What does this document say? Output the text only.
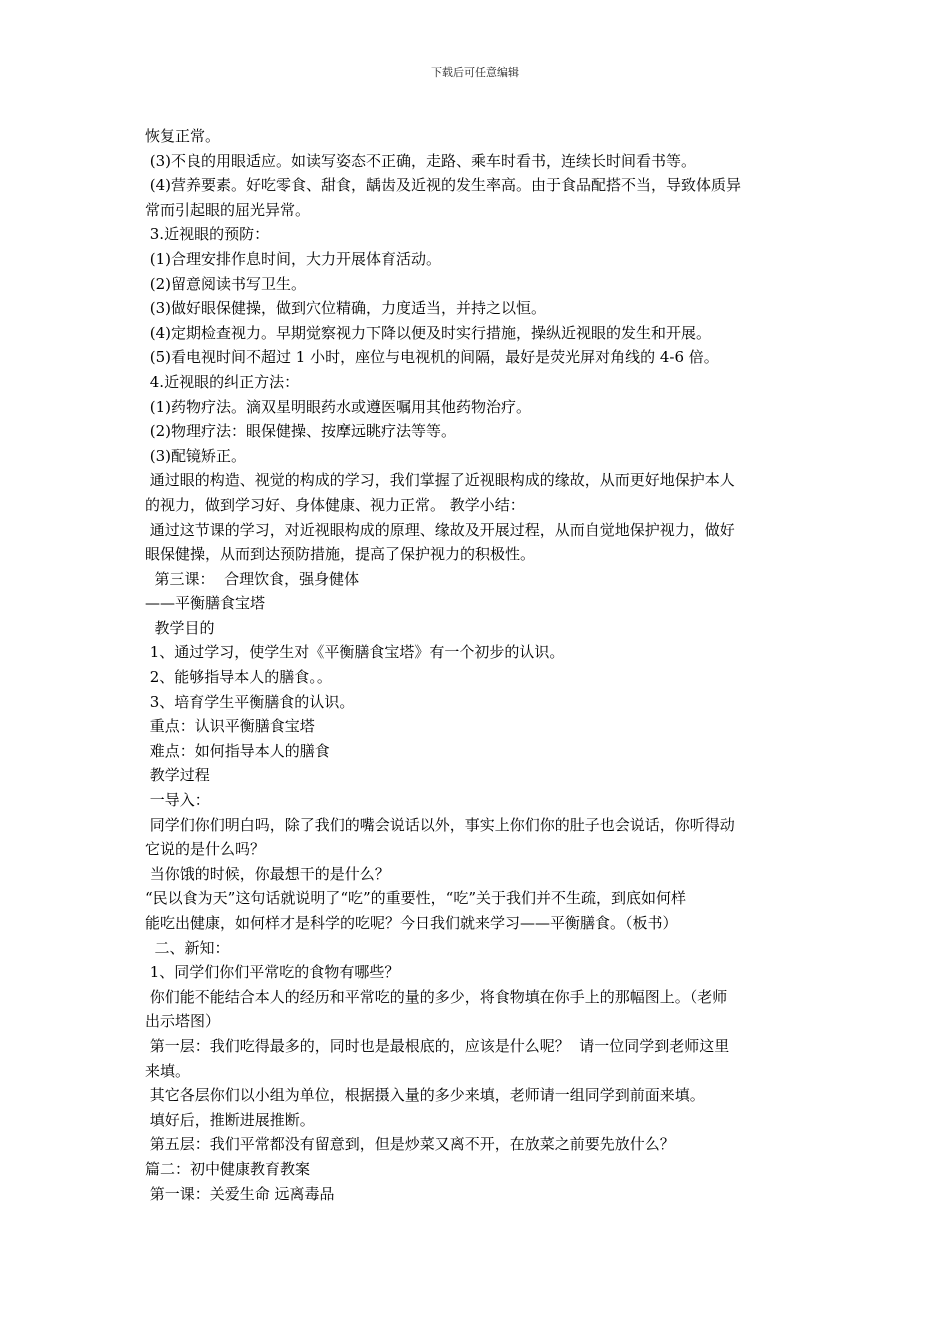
下载后可任意编辑
恢复正常。
(3)不良的用眼适应。如读写姿态不正确，走路、乘车时看书，连续长时间看书等。
(4)营养要素。好吃零食、甜食，龋齿及近视的发生率高。由于食品配搭不当，导致体质异
常而引起眼的屈光异常。
3.近视眼的预防：
(1)合理安排作息时间，大力开展体育活动。
(2)留意阅读书写卫生。
(3)做好眼保健操，做到穴位精确，力度适当，并持之以恒。
(4)定期检查视力。早期觉察视力下降以便及时实行措施，操纵近视眼的发生和开展。
(5)看电视时间不超过 1 小时，座位与电视机的间隔，最好是荧光屏对角线的 4-6 倍。
4.近视眼的纠正方法：
(1)药物疗法。滴双星明眼药水或遵医嘱用其他药物治疗。
(2)物理疗法：眼保健操、按摩远眺疗法等等。
(3)配镜矫正。
通过眼的构造、视觉的构成的学习，我们掌握了近视眼构成的缘故，从而更好地保护本人
的视力，做到学习好、身体健康、视力正常。 教学小结：
通过这节课的学习，对近视眼构成的原理、缘故及开展过程，从而自觉地保护视力，做好
眼保健操，从而到达预防措施，提高了保护视力的积极性。
第三课：  合理饮食，强身健体
——平衡膳食宝塔
教学目的
1、通过学习，使学生对《平衡膳食宝塔》有一个初步的认识。
2、能够指导本人的膳食。。
3、培育学生平衡膳食的认识。
重点：认识平衡膳食宝塔
难点：如何指导本人的膳食
教学过程
一导入：
同学们你们明白吗，除了我们的嘴会说话以外，事实上你们你的肚子也会说话，你听得动
它说的是什么吗？
当你饿的时候，你最想干的是什么？
“民以食为天”这句话就说明了“吃”的重要性，“吃”关于我们并不生疏，到底如何样
能吃出健康，如何样才是科学的吃呢？今日我们就来学习——平衡膳食。（板书）
二、新知：
1、同学们你们平常吃的食物有哪些？
你们能不能结合本人的经历和平常吃的量的多少，将食物填在你手上的那幅图上。（老师
出示塔图）
第一层：我们吃得最多的，同时也是最根底的，应该是什么呢？  请一位同学到老师这里
来填。
其它各层你们以小组为单位，根据摄入量的多少来填，老师请一组同学到前面来填。
填好后，推断进展推断。
第五层：我们平常都没有留意到，但是炒菜又离不开，在放菜之前要先放什么？
篇二：初中健康教育教案
第一课：关爱生命 远离毒品
